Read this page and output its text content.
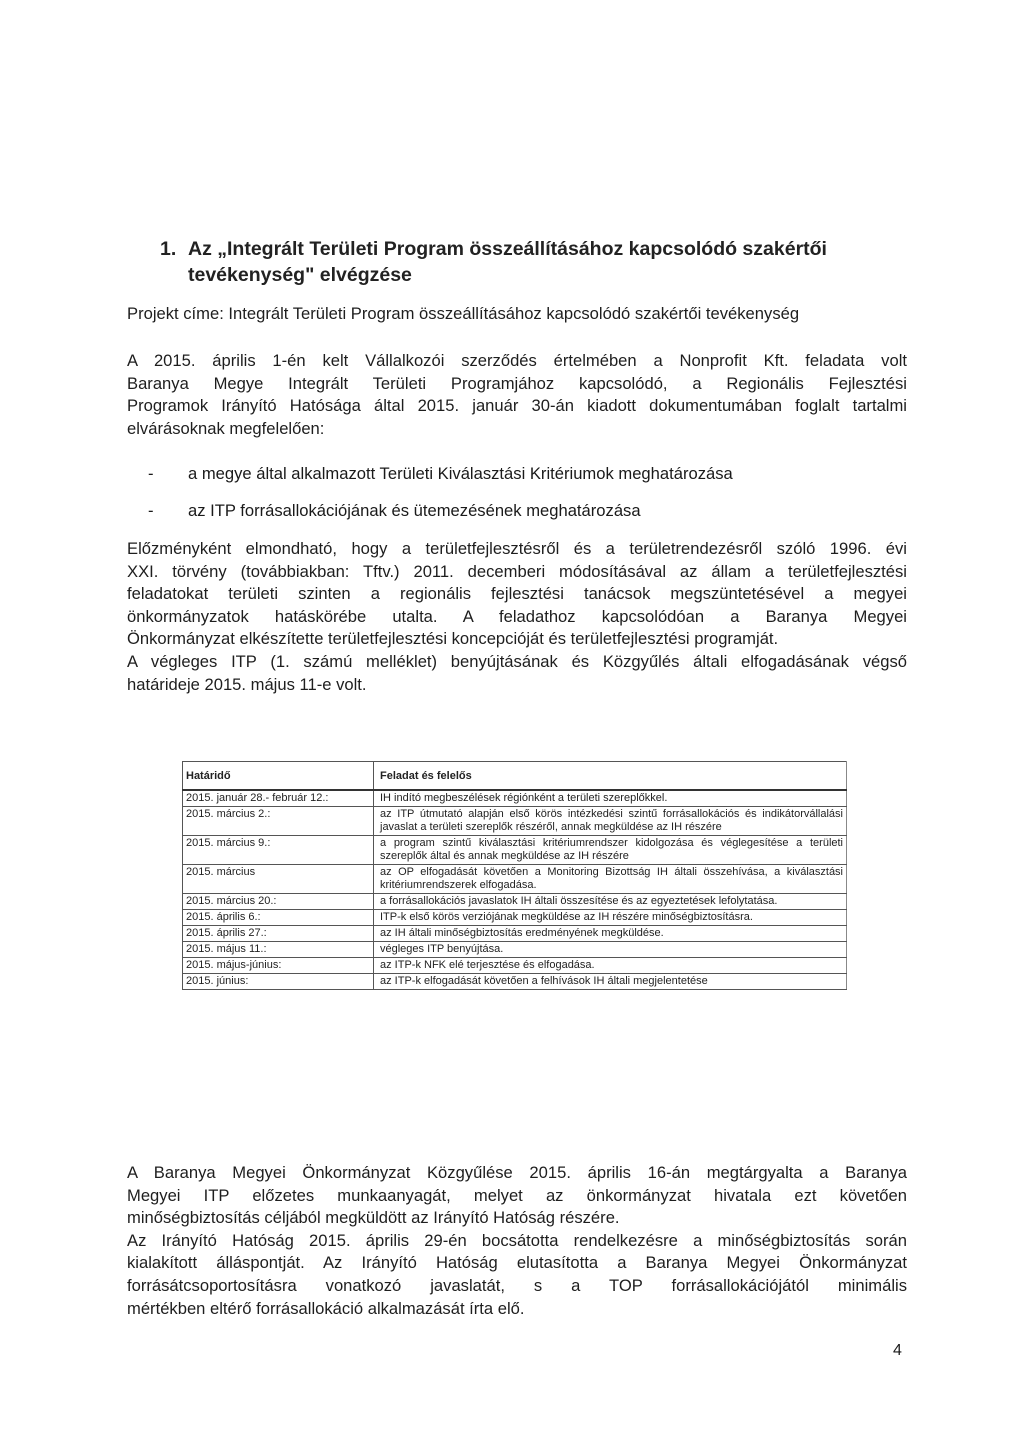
1. Az „Integrált Területi Program összeállításához kapcsolódó szakértői
tevékenység" elvégzése
Projekt címe: Integrált Területi Program összeállításához kapcsolódó szakértői tevékenység
A 2015. április 1-én kelt Vállalkozói szerződés értelmében a Nonprofit Kft. feladata volt
Baranya Megye Integrált Területi Programjához kapcsolódó, a Regionális Fejlesztési
Programok Irányító Hatósága által 2015. január 30-án kiadott dokumentumában foglalt tartalmi
elvárásoknak megfelelően:
- a megye által alkalmazott Területi Kiválasztási Kritériumok meghatározása
- az ITP forrásallokációjának és ütemezésének meghatározása
Előzményként elmondható, hogy a területfejlesztésről és a területrendezésről szóló 1996. évi
XXI. törvény (továbbiakban: Tftv.) 2011. decemberi módosításával az állam a területfejlesztési
feladatokat területi szinten a regionális fejlesztési tanácsok megszüntetésével a megyei
önkormányzatok hatáskörébe utalta. A feladathoz kapcsolódóan a Baranya Megyei
Önkormányzat elkészítette területfejlesztési koncepcióját és területfejlesztési programját.
A végleges ITP (1. számú melléklet) benyújtásának és Közgyűlés általi elfogadásának végső
határideje 2015. május 11-e volt.
Határidő	Feladat és felelős
2015. január 28.- február 12.:	IH indító megbeszélések régiónként a területi szereplőkkel.
2015. március 2.:	az ITP útmutató alapján első körös intézkedési szintű forrásallokációs és indikátorvállalási javaslat a területi szereplők részéről, annak megküldése az IH részére
2015. március 9.:	a program szintű kiválasztási kritériumrendszer kidolgozása és véglegesítése a területi szereplők által és annak megküldése az IH részére
2015. március	az OP elfogadását követően a Monitoring Bizottság IH általi összehívása, a kiválasztási kritériumrendszerek elfogadása.
2015. március 20.:	a forrásallokációs javaslatok IH általi összesítése és az egyeztetések lefolytatása.
2015. április 6.:	ITP-k első körös verziójának megküldése az IH részére minőségbiztosításra.
2015. április 27.:	az IH általi minőségbiztosítás eredményének megküldése.
2015. május 11.:	végleges ITP benyújtása.
2015. május-június:	az ITP-k NFK elé terjesztése és elfogadása.
2015. június:	az ITP-k elfogadását követően a felhívások IH általi megjelentetése
A Baranya Megyei Önkormányzat Közgyűlése 2015. április 16-án megtárgyalta a Baranya
Megyei ITP előzetes munkaanyagát, melyet az önkormányzat hivatala ezt követően
minőségbiztosítás céljából megküldött az Irányító Hatóság részére.
Az Irányító Hatóság 2015. április 29-én bocsátotta rendelkezésre a minőségbiztosítás során
kialakított álláspontját. Az Irányító Hatóság elutasította a Baranya Megyei Önkormányzat
forrásátcsoportosításra vonatkozó javaslatát, s a TOP forrásallokációjától minimális
mértékben eltérő forrásallokáció alkalmazását írta elő.
4
